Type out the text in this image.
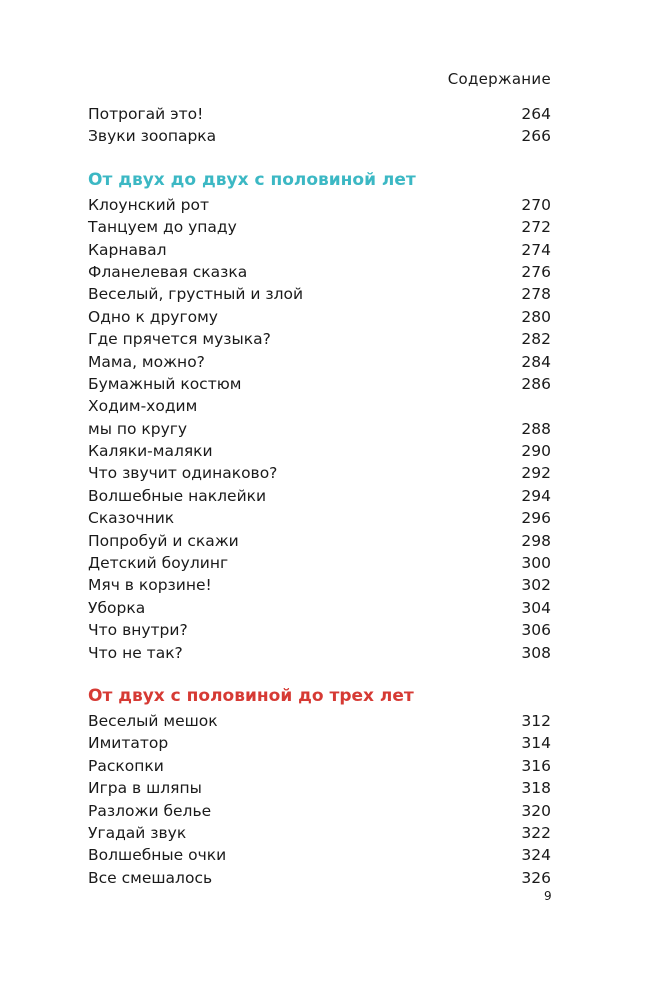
Содержание
Потрогай это!	264
Звуки зоопарка	266
От двух до двух с половиной лет
Клоунский рот	270
Танцуем до упаду	272
Карнавал	274
Фланелевая сказка	276
Веселый, грустный и злой	278
Одно к другому	280
Где прячется музыка?	282
Мама, можно?	284
Бумажный костюм	286
Ходим-ходим
мы по кругу	288
Каляки-маляки	290
Что звучит одинаково?	292
Волшебные наклейки	294
Сказочник	296
Попробуй и скажи	298
Детский боулинг	300
Мяч в корзине!	302
Уборка	304
Что внутри?	306
Что не так?	308
От двух с половиной до трех лет
Веселый мешок	312
Имитатор	314
Раскопки	316
Игра в шляпы	318
Разложи белье	320
Угадай звук	322
Волшебные очки	324
Все смешалось	326
9
